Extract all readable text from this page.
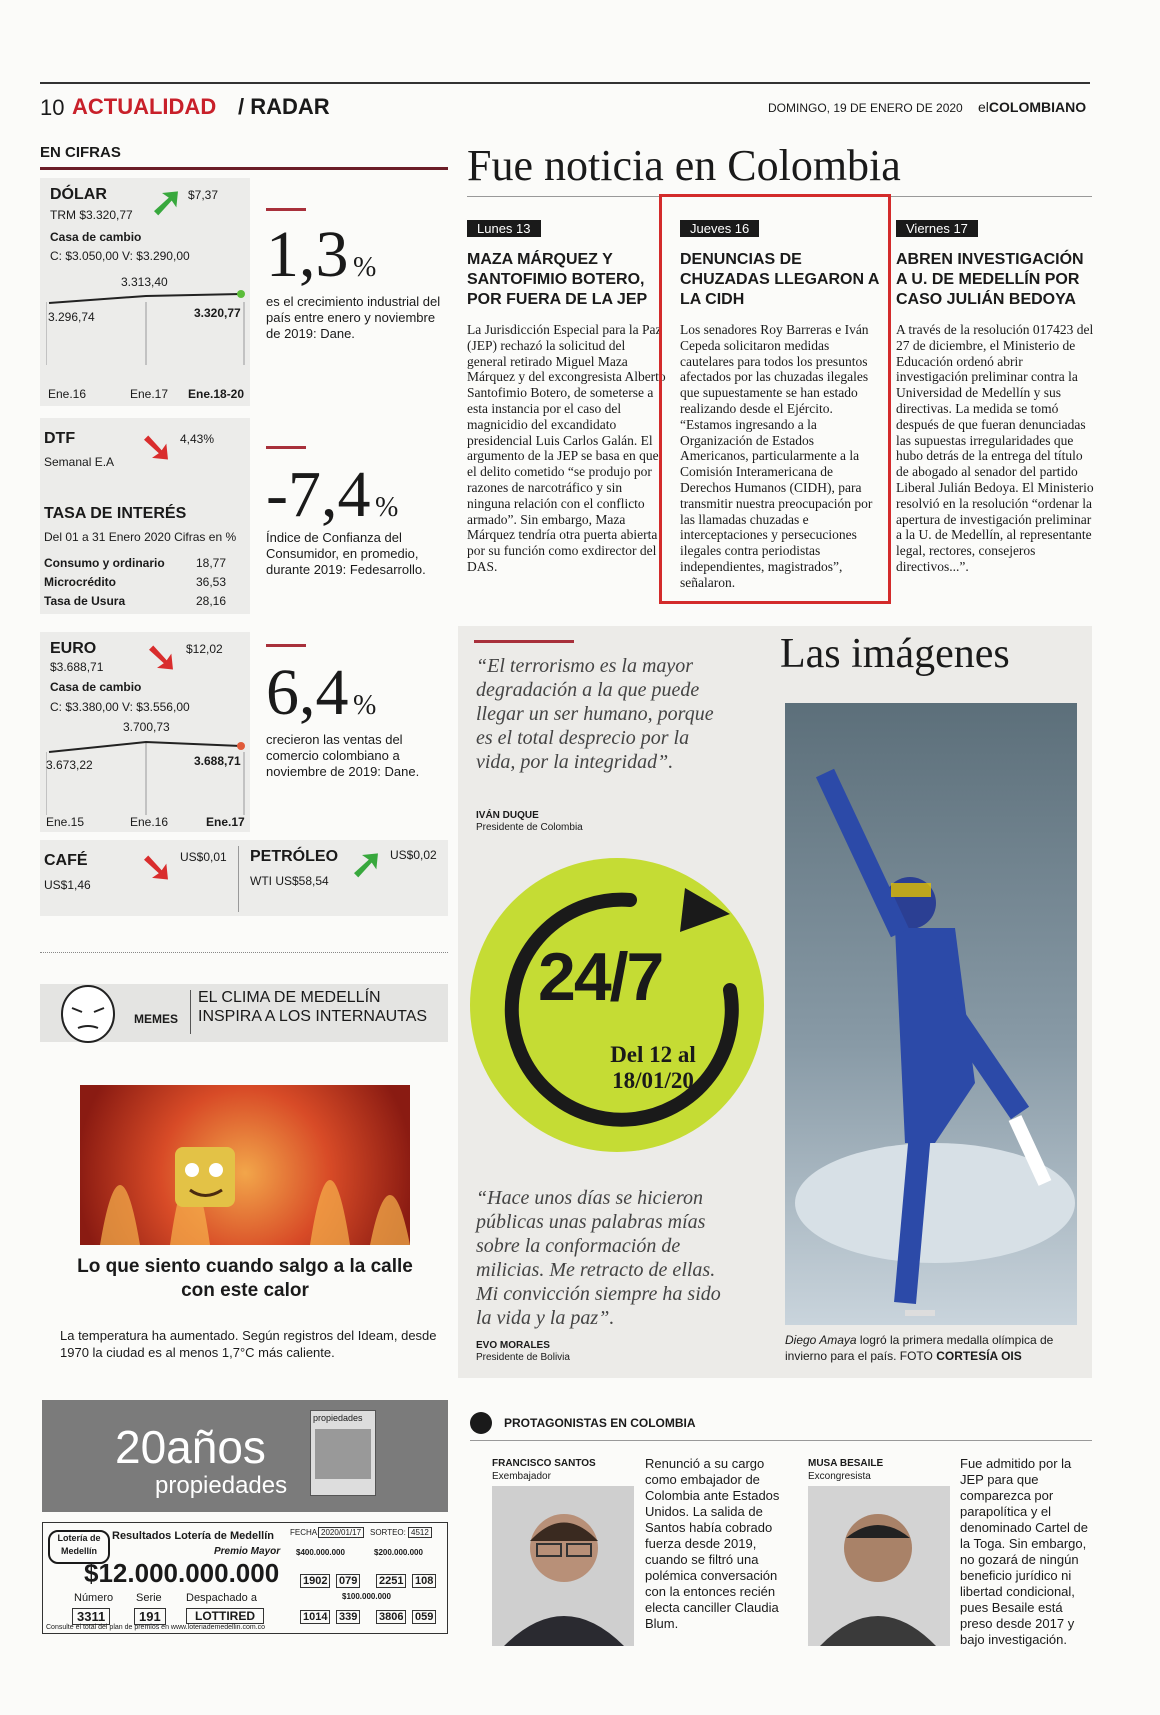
10 ACTUALIDAD / RADAR	DOMINGO, 19 DE ENERO DE 2020 elCOLOMBIANO
EN CIFRAS
DÓLAR
TRM $3.320,77 ➚ $7,37
Casa de cambio
C: $3.050,00 V: $3.290,00
3.296,74
3.313,40
3.320,77
Ene.16	Ene.17 Ene.18-20
DTF
Semanal E.A ➘ 4,43%
TASA DE INTERÉS
Del 01 a 31 Enero 2020 Cifras en %
Consumo y ordinario	18,77
Microcrédito	36,53
Tasa de Usura	28,16
EURO
$3.688,71 ➘ $12,02
Casa de cambio
C: $3.380,00 V: $3.556,00
3.673,22
3.700,73
3.688,71
Ene.15	Ene.16	Ene.17
CAFÉ
US$1,46 ➘ US$0,01 PETRÓLEO
WTI US$58,54 ➚ US$0,02
1,3 %
es el crecimiento industrial del país entre enero y noviembre de 2019: Dane.
-7,4 %
Índice de Confianza del Consumidor, en promedio, durante 2019: Fedesarrollo.
6,4 %
crecieron las ventas del comercio colombiano a noviembre de 2019: Dane.
Fue noticia en Colombia
Lunes 13
MAZA MÁRQUEZ Y SANTOFIMIO BOTERO, POR FUERA DE LA JEP
La Jurisdicción Especial para la Paz (JEP) rechazó la solicitud del general retirado Miguel Maza Márquez y del excongresista Alberto Santofimio Botero, de someterse a esta instancia por el caso del magnicidio del excandidato presidencial Luis Carlos Galán. El argumento de la JEP se basa en que el delito cometido “se produjo por razones de narcotráfico y sin ninguna relación con el conflicto armado”. Sin embargo, Maza Márquez tendría otra puerta abierta por su función como exdirector del DAS.
Jueves 16
DENUNCIAS DE CHUZADAS LLEGARON A LA CIDH
Los senadores Roy Barreras e Iván Cepeda solicitaron medidas cautelares para todos los presuntos afectados por las chuzadas ilegales que supuestamente se han estado realizando desde el Ejército. “Estamos ingresando a la Organización de Estados Americanos, particularmente a la Comisión Interamericana de Derechos Humanos (CIDH), para transmitir nuestra preocupación por las llamadas chuzadas e interceptaciones y persecuciones ilegales contra periodistas independientes, magistrados”, señalaron.
Viernes 17
ABREN INVESTIGACIÓN A U. DE MEDELLÍN POR CASO JULIÁN BEDOYA
A través de la resolución 017423 del 27 de diciembre, el Ministerio de Educación ordenó abrir investigación preliminar contra la Universidad de Medellín y sus directivas. La medida se tomó después de que fueran denunciadas las supuestas irregularidades que hubo detrás de la entrega del título de abogado al senador del partido Liberal Julián Bedoya. El Ministerio resolvió en la resolución “ordenar la apertura de investigación preliminar a la U. de Medellín, al representante legal, rectores, consejeros directivos...”.
“El terrorismo es la mayor degradación a la que puede llegar un ser humano, porque es el total desprecio por la vida, por la integridad”.
IVÁN DUQUE
Presidente de Colombia
24/7
Del 12 al 18/01/20
“Hace unos días se hicieron públicas unas palabras mías sobre la conformación de milicias. Me retracto de ellas. Mi convicción siempre ha sido la vida y la paz”.
EVO MORALES
Presidente de Bolivia
Las imágenes
Diego Amaya logró la primera medalla olímpica de invierno para el país. FOTO CORTESÍA OIS
MEMES
EL CLIMA DE MEDELLÍN INSPIRA A LOS INTERNAUTAS
Lo que siento cuando salgo a la calle con este calor
La temperatura ha aumentado. Según registros del Ideam, desde 1970 la ciudad es al menos 1,7°C más caliente.
20años
propiedades
propiedades
Lotería de Medellín
Resultados Lotería de Medellín
Premio Mayor
$12.000.000.000
Número Serie Despachado a
3311	191	LOTTIRED
Consulte el total del plan de premios en www.loteriademedellin.com.co
FECHA: 2020/01/17	SORTEO: 4512
$400.000.000
1902 079
$200.000.000
2251 108
$100.000.000
1014 339 3806 059
PROTAGONISTAS EN COLOMBIA
FRANCISCO SANTOS
Exembajador
Renunció a su cargo como embajador de Colombia ante Estados Unidos. La salida de Santos había cobrado fuerza desde 2019, cuando se filtró una polémica conversación con la entonces recién electa canciller Claudia Blum.
MUSA BESAILE
Excongresista
Fue admitido por la JEP para que comparezca por parapolítica y el denominado Cartel de la Toga. Sin embargo, no gozará de ningún beneficio jurídico ni libertad condicional, pues Besaile está preso desde 2017 y bajo investigación.
